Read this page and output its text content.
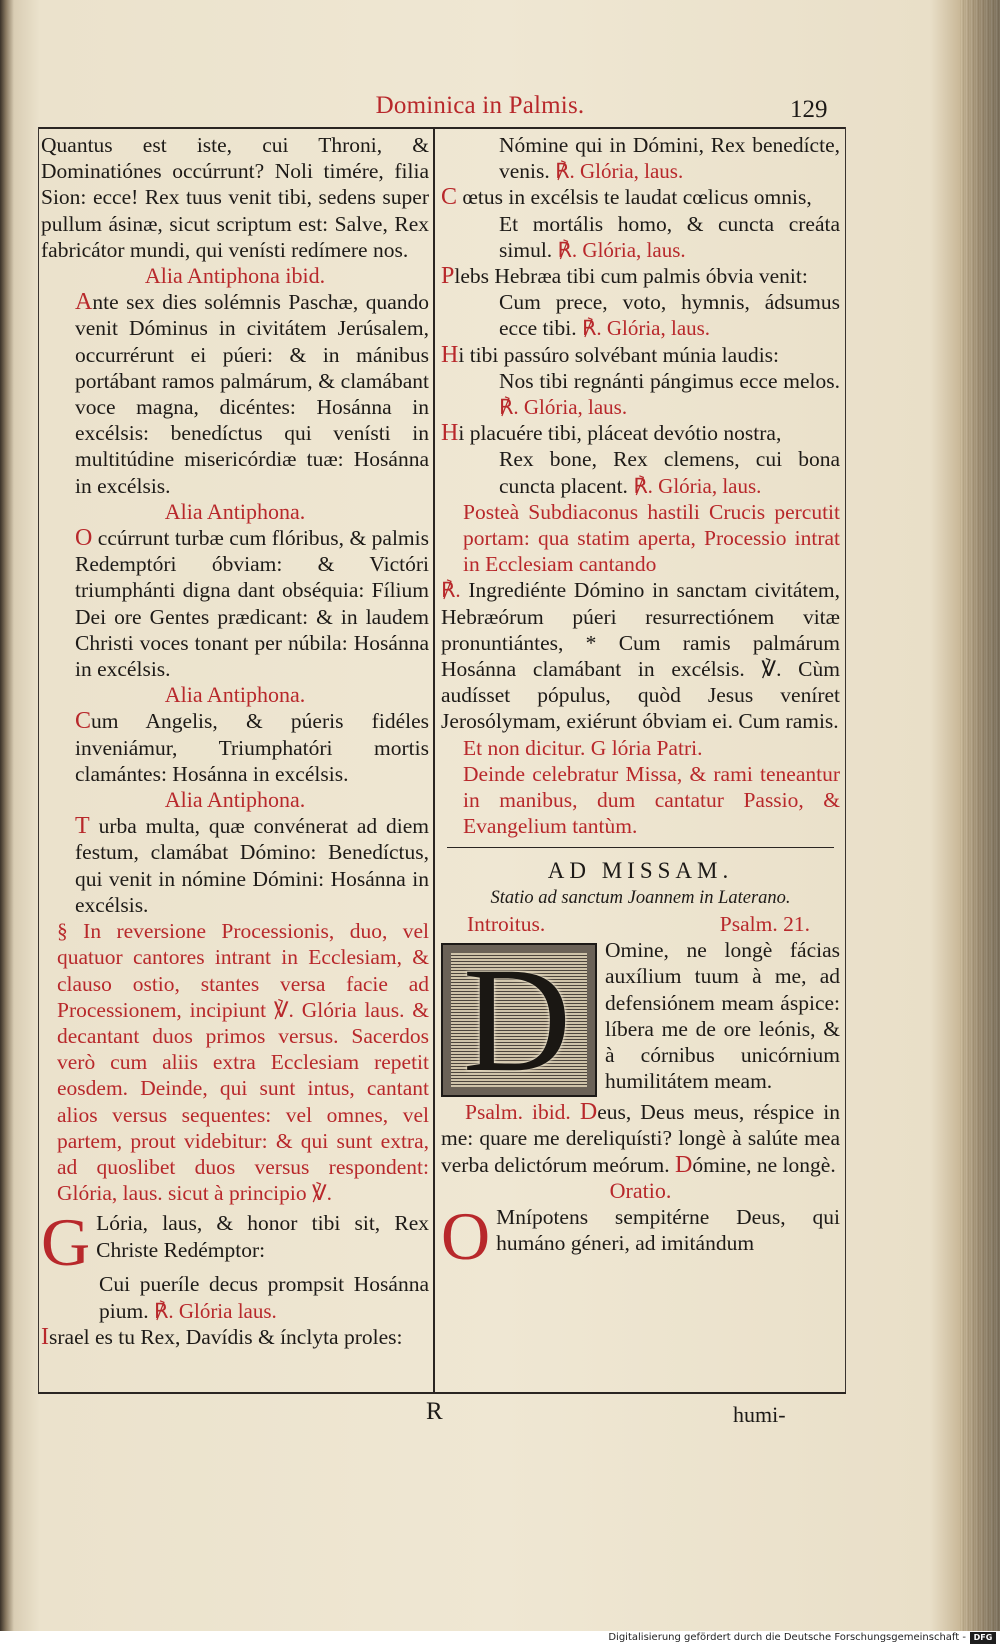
Dominica in Palmis.	129

Quantus est iste, cui Throni, & Dominatiónes occúrrunt? Noli timére, filia Sion: ecce! Rex tuus venit tibi, sedens super pullum ásinæ, sicut scriptum est: Salve, Rex fabricátor mundi, qui venísti redímere nos.

Alia Antiphona ibid.

Ante sex dies solémnis Paschæ, quando venit Dóminus in civitátem Jerúsalem, occurrérunt ei púeri: & in mánibus portábant ramos palmárum, & clamábant voce magna, dicéntes: Hosánna in excélsis: benedíctus qui venísti in multitúdine misericórdiæ tuæ: Hosánna in excélsis.

Alia Antiphona.

O ccúrrunt turbæ cum flóribus, & palmis Redemptóri óbviam: & Victóri triumphánti digna dant obséquia: Fílium Dei ore Gentes prædicant: & in laudem Christi voces tonant per núbila: Hosánna in excélsis.

Alia Antiphona.

Cum Angelis, & púeris fidéles inveniámur, Triumphatóri mortis clamántes: Hosánna in excélsis.

Alia Antiphona.

T urba multa, quæ convénerat ad diem festum, clamábat Dómino: Benedíctus, qui venit in nómine Dómini: Hosánna in excélsis.

§ In reversione Processionis, duo, vel quatuor cantores intrant in Ecclesiam, & clauso ostio, stantes versa facie ad Processionem, incipiunt ℣. Glória laus. & decantant duos primos versus. Sacerdos verò cum aliis extra Ecclesiam repetit eosdem. Deinde, qui sunt intus, cantant alios versus sequentes: vel omnes, vel partem, prout videbitur: & qui sunt extra, ad quoslibet duos versus respondent: Glória, laus. sicut à principio ℣.

G Lória, laus, & honor tibi sit, Rex Christe Redémptor:

Cui pueríle decus prompsit Hosánna pium. ℟. Glória laus.

Israel es tu Rex, Davídis & ínclyta proles:

Nómine qui in Dómini, Rex benedícte, venis. ℟. Glória, laus.

C œtus in excélsis te laudat cœlicus omnis,

Et mortális homo, & cuncta creáta simul. ℟. Glória, laus.

Plebs Hebræa tibi cum palmis óbvia venit:

Cum prece, voto, hymnis, ádsumus ecce tibi. ℟. Glória, laus.

Hi tibi passúro solvébant múnia laudis:

Nos tibi regnánti pángimus ecce melos. ℟. Glória, laus.

Hi placuére tibi, pláceat devótio nostra,

Rex bone, Rex clemens, cui bona cuncta placent. ℟. Glória, laus.

Posteà Subdiaconus hastili Crucis percutit portam: qua statim aperta, Processio intrat in Ecclesiam cantando

℟. Ingrediénte Dómino in sanctam civitátem, Hebræórum púeri resurrectiónem vitæ pronuntiántes, * Cum ramis palmárum Hosánna clamábant in excélsis. ℣. Cùm audísset pópulus, quòd Jesus veníret Jerosólymam, exiérunt óbviam ei. Cum ramis.

Et non dicitur. G lória Patri.

Deinde celebratur Missa, & rami teneantur in manibus, dum cantatur Passio, & Evangelium tantùm.

AD MISSAM.

Statio ad sanctum Joannem in Laterano.

Introitus.	Psalm. 21.

D	Omine, ne longè fácias auxílium tuum à me, ad defensiónem meam áspice: líbera me de ore leónis, & à córnibus unicórnium humilitátem meam.

Psalm. ibid. Deus, Deus meus, réspice in me: quare me dereliquísti? longè à salúte mea verba delictórum meórum. Dómine, ne longè.

Oratio.

O Mnípotens sempitérne Deus, qui humáno géneri, ad imitándum

R	humi-
Digitalisierung gefördert durch die Deutsche Forschungsgemeinschaft - DFG
